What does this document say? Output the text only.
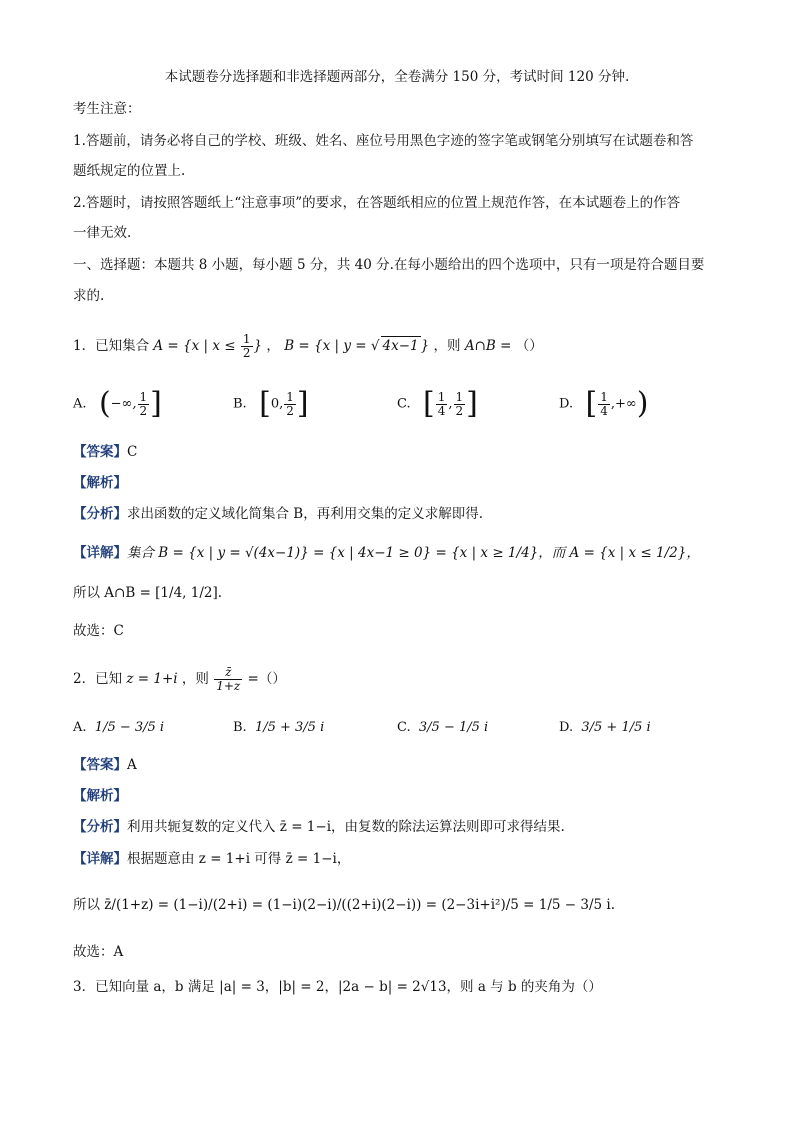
本试题卷分选择题和非选择题两部分，全卷满分 150 分，考试时间 120 分钟.
考生注意：
1.答题前，请务必将自己的学校、班级、姓名、座位号用黑色字迹的签字笔或钢笔分别填写在试题卷和答
题纸规定的位置上.
2.答题时，请按照答题纸上“注意事项”的要求，在答题纸相应的位置上规范作答，在本试题卷上的作答
一律无效.
一、选择题：本题共 8 小题，每小题 5 分，共 40 分.在每小题给出的四个选项中，只有一项是符合题目要
求的.
1．已知集合 A = {x | $x \le \frac{1}{2}$ } ， B = {x | y = √ 4x−1 } ，则 A∩B = （）
A. (−∞, $\frac{1}{2}$ ]	B. [0, $\frac{1}{2}$ ]	C. [ $\frac{1}{4}$ , $\frac{1}{2}$ ]	D. [ $\frac{1}{4}$ ,+∞)
【答案】C
【解析】
【分析】求出函数的定义域化简集合 B，再利用交集的定义求解即得.
【详解】集合 B = {x | y = √(4x−1)} = {x | 4x−1 ≥ 0} = {x | x ≥ 1/4}，而 A = {x | x ≤ 1/2}，
所以 A∩B = [1/4, 1/2].
故选：C
2．已知 z = 1+i ，则 $\frac{z̄}{1+z}$ =（）
A. 1/5 − 3/5 i	B. 1/5 + 3/5 i	C. 3/5 − 1/5 i	D. 3/5 + 1/5 i
【答案】A
【解析】
【分析】利用共轭复数的定义代入 z̄ = 1−i，由复数的除法运算法则即可求得结果.
【详解】根据题意由 z = 1+i 可得 z̄ = 1−i，
所以 z̄/(1+z) = (1−i)/(2+i) = (1−i)(2−i)/((2+i)(2−i)) = (2−3i+i²)/5 = 1/5 − 3/5 i.
故选：A
3．已知向量 a，b 满足 |a| = 3，|b| = 2，|2a − b| = 2√13，则 a 与 b 的夹角为（）
